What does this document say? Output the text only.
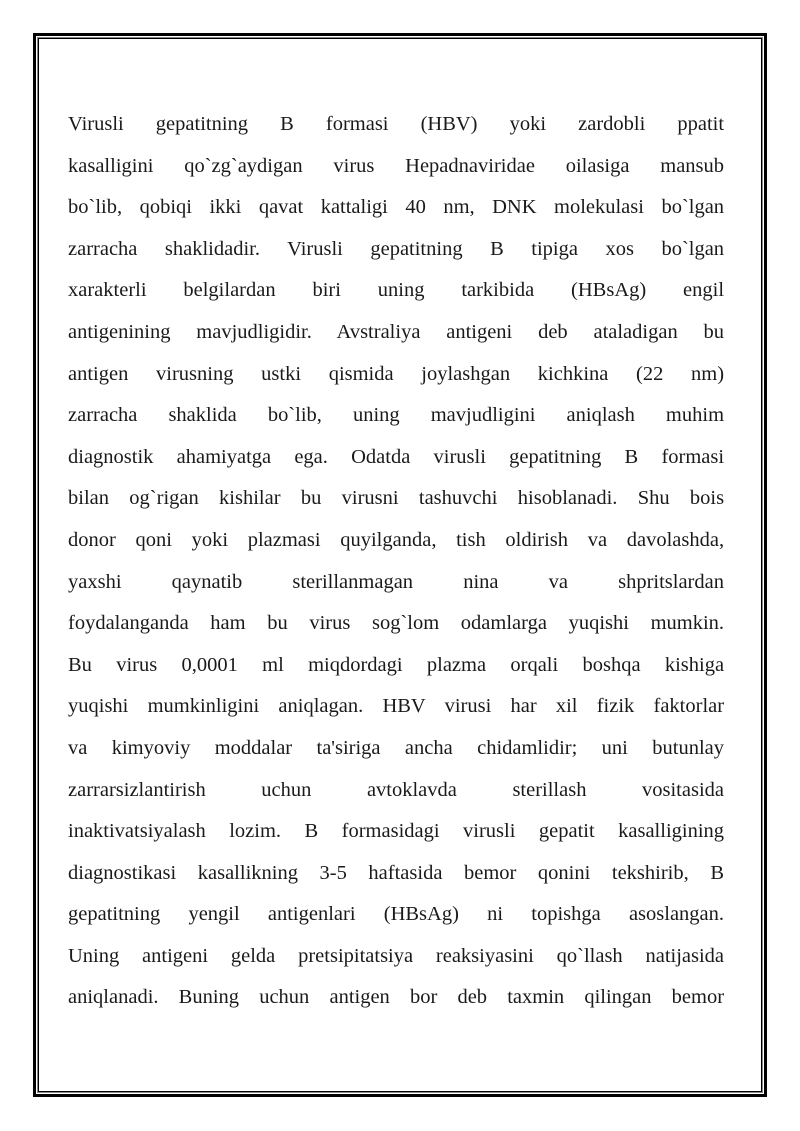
Virusli gepatitning B formasi (HBV) yoki zardobli ppatit
kasalligini qo`zg`aydigan virus Hepadnaviridae oilasiga mansub
bo`lib, qobiqi ikki qavat kattaligi 40 nm, DNK molekulasi bo`lgan
zarracha shaklidadir. Virusli gepatitning B tipiga xos bo`lgan
xarakterli belgilardan biri uning tarkibida (HBsAg) engil
antigenining mavjudligidir. Avstraliya antigeni deb ataladigan bu
antigen virusning ustki qismida joylashgan kichkina (22 nm)
zarracha shaklida bo`lib, uning mavjudligini aniqlash muhim
diagnostik ahamiyatga ega. Odatda virusli gepatitning B formasi
bilan og`rigan kishilar bu virusni tashuvchi hisoblanadi. Shu bois
donor qoni yoki plazmasi quyilganda, tish oldirish va davolashda,
yaxshi qaynatib sterillanmagan nina va shpritslardan
foydalanganda ham bu virus sog`lom odamlarga yuqishi mumkin.
Bu virus 0,0001 ml miqdordagi plazma orqali boshqa kishiga
yuqishi mumkinligini aniqlagan. HBV virusi har xil fizik faktorlar
va kimyoviy moddalar ta'siriga ancha chidamlidir; uni butunlay
zarrarsizlantirish	uchun	avtoklavda	sterillash	vositasida
inaktivatsiyalash lozim. B formasidagi virusli gepatit kasalligining
diagnostikasi kasallikning 3-5 haftasida bemor qonini tekshirib, B
gepatitning yengil antigenlari (HBsAg) ni topishga asoslangan.
Uning antigeni gelda pretsipitatsiya reaksiyasini qo`llash natijasida
aniqlanadi. Buning uchun antigen bor deb taxmin qilingan bemor
